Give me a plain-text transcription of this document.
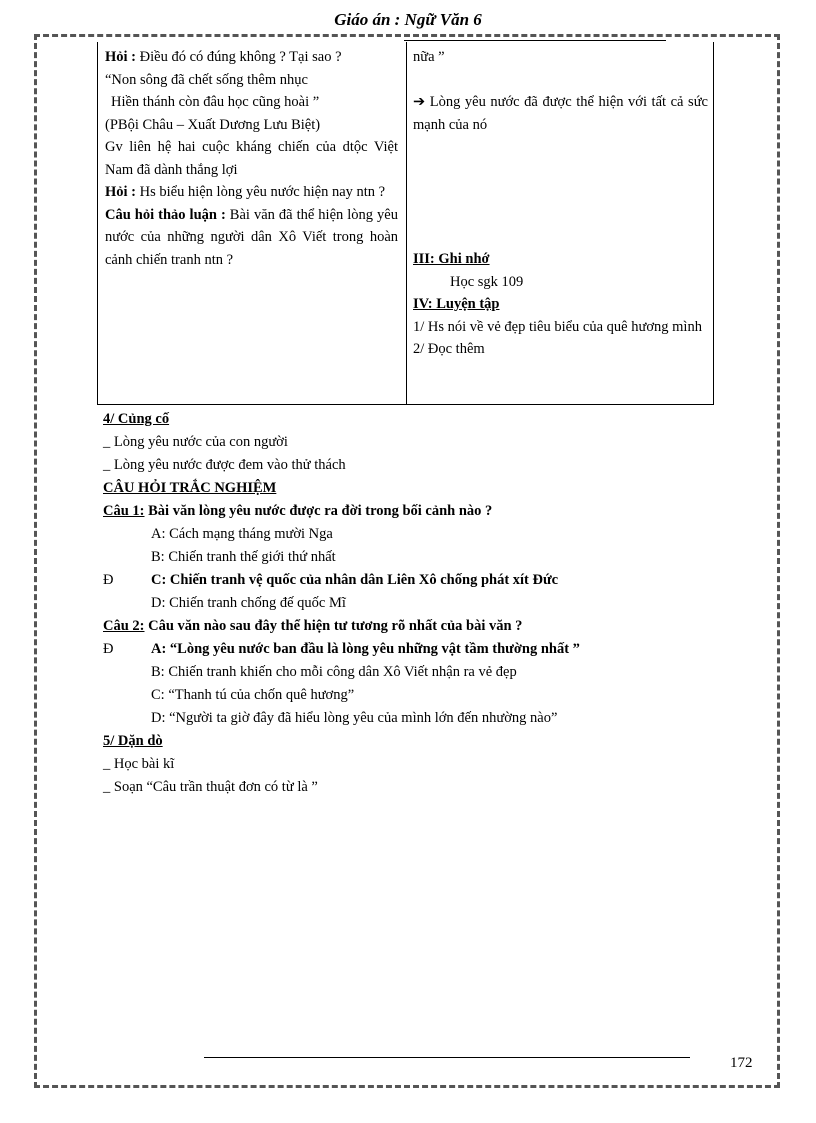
Giáo án : Ngữ Văn 6
Hỏi : Điều đó có đúng không ? Tại sao ?
“Non sông đã chết sống thêm nhục
Hiền thánh còn đâu học cũng hoài ”
(PBội Châu – Xuất Dương Lưu Biệt)
Gv liên hệ hai cuộc kháng chiến của dtộc Việt Nam đã dành thắng lợi
Hỏi : Hs biểu hiện lòng yêu nước hiện nay ntn ?
Câu hỏi thảo luận : Bài văn đã thể hiện lòng yêu nước của những người dân Xô Viết trong hoàn cảnh chiến tranh ntn ?
nữa ”
➔ Lòng yêu nước đã được thể hiện với tất cả sức mạnh của nó
III: Ghi nhớ
Học sgk 109
IV: Luyện tập
1/ Hs nói về vẻ đẹp tiêu biểu của quê hương mình
2/ Đọc thêm
4/ Củng cố
_ Lòng yêu nước của con người
_ Lòng yêu nước được đem vào thử thách
CÂU HỎI TRẮC NGHIỆM
Câu 1: Bài văn lòng yêu nước được ra đời trong bối cảnh nào ?
A: Cách mạng tháng mười Nga
B: Chiến tranh thế giới thứ nhất
Đ	C: Chiến tranh vệ quốc của nhân dân Liên Xô chống phát xít Đức
D: Chiến tranh chống đế quốc Mĩ
Câu 2: Câu văn nào sau đây thể hiện tư tương rõ nhất của bài văn ?
Đ	A: “Lòng yêu nước ban đầu là lòng yêu những vật tầm thường nhất ”
B: Chiến tranh khiến cho mỗi công dân Xô Viết nhận ra vẻ đẹp
C: “Thanh tú của chốn quê hương”
D: “Người ta giờ đây đã hiểu lòng yêu của mình lớn đến nhường nào”
5/ Dặn dò
_ Học bài kĩ
_ Soạn “Câu trần thuật đơn có từ là ”
172
